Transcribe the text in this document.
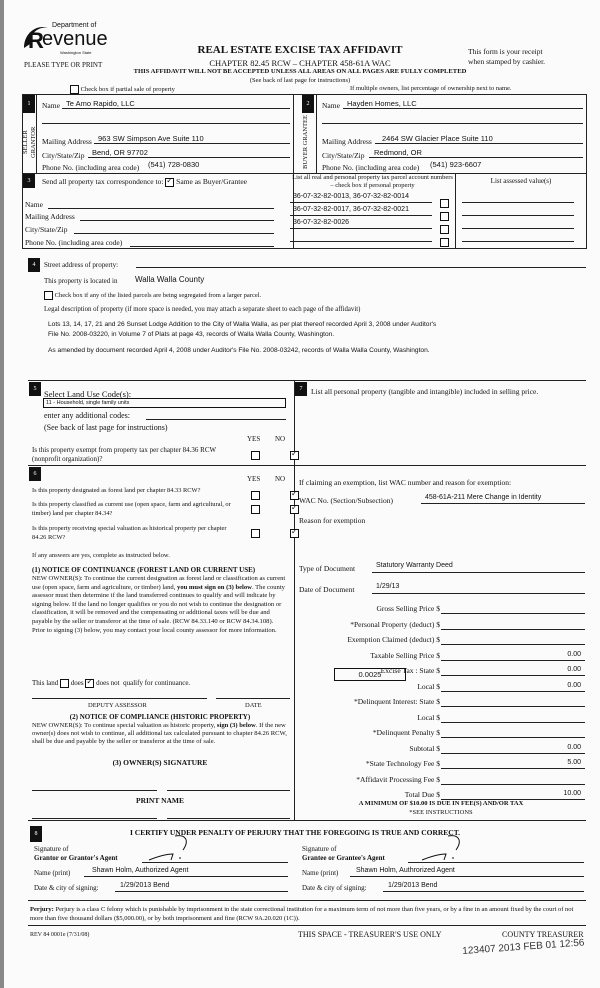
Department of
R
evenue
Washington State
PLEASE TYPE OR PRINT
REAL ESTATE EXCISE TAX AFFIDAVIT
CHAPTER 82.45 RCW – CHAPTER 458-61A WAC
This form is your receipt
when stamped by cashier.
THIS AFFIDAVIT WILL NOT BE ACCEPTED UNLESS ALL AREAS ON ALL PAGES ARE FULLY COMPLETED
(See back of last page for instructions)
Check box if partial sale of property	If multiple owners, list percentage of ownership next to name.
1
SELLER GRANTOR
Name Te Amo Rapido, LLC
Mailing Address 963 SW Simpson Ave Suite 110
City/State/Zip Bend, OR 97702
Phone No. (including area code) (541) 728-0830
2
BUYER GRANTEE
Name Hayden Homes, LLC
Mailing Address 2464 SW Glacier Place Suite 110
City/State/Zip Redmond, OR
Phone No. (including area code) (541) 923-6607
3	Send all property tax correspondence to: ✓ Same as Buyer/Grantee
Name
Mailing Address
City/State/Zip
Phone No. (including area code)
List all real and personal property tax parcel account numbers – check box if personal property
List assessed value(s)
36-07-32-82-0013, 36-07-32-82-0014
36-07-32-82-0017, 36-07-32-82-0021
36-07-32-82-0026
4	Street address of property:
This property is located in Walla Walla County
Check box if any of the listed parcels are being segregated from a larger parcel.
Legal description of property (if more space is needed, you may attach a separate sheet to each page of the affidavit)
Lots 13, 14, 17, 21 and 26 Sunset Lodge Addition to the City of Walla Walla, as per plat thereof recorded April 3, 2008 under Auditor's
File No. 2008-03220, in Volume 7 of Plats at page 43, records of Walla Walla County, Washington.
As amended by document recorded April 4, 2008 under Auditor's File No. 2008-03242, records of Walla Walla County, Washington.
5 Select Land Use Code(s):
11 - Household, single family units
enter any additional codes:
(See back of last page for instructions)
YES NO
Is this property exempt from property tax per chapter 84.36 RCW (nonprofit organization)?
✓
6
YES NO
Is this property designated as forest land per chapter 84.33 RCW?
✓
Is this property classified as current use (open space, farm and agricultural, or timber) land per chapter 84.34?
✓
Is this property receiving special valuation as historical property per chapter 84.26 RCW?
✓
If any answers are yes, complete as instructed below.
(1) NOTICE OF CONTINUANCE (FOREST LAND OR CURRENT USE)
NEW OWNER(S): To continue the current designation as forest land or classification as current use (open space, farm and agriculture, or timber) land, you must sign on (3) below. The county assessor must then determine if the land transferred continues to qualify and will indicate by signing below. If the land no longer qualifies or you do not wish to continue the designation or classification, it will be removed and the compensating or additional taxes will be due and payable by the seller or transferor at the time of sale. (RCW 84.33.140 or RCW 84.34.108). Prior to signing (3) below, you may contact your local county assessor for more information.
This land does ✓ does not qualify for continuance.
DEPUTY ASSESSOR	DATE
(2) NOTICE OF COMPLIANCE (HISTORIC PROPERTY)
NEW OWNER(S): To continue special valuation as historic property, sign (3) below. If the new owner(s) does not wish to continue, all additional tax calculated pursuant to chapter 84.26 RCW, shall be due and payable by the seller or transferor at the time of sale.
(3) OWNER(S) SIGNATURE
PRINT NAME
7	List all personal property (tangible and intangible) included in selling price.
If claiming an exemption, list WAC number and reason for exemption:
WAC No. (Section/Subsection)	458-61A-211 Mere Change in Identity
Reason for exemption
Type of Document	Statutory Warranty Deed
Date of Document	1/29/13
0.0025
Gross Selling Price $
*Personal Property (deduct) $
Exemption Claimed (deduct) $
Taxable Selling Price $	0.00
Excise Tax : State $	0.00
Local $	0.00
*Delinquent Interest: State $
Local $
*Delinquent Penalty $
Subtotal $	0.00
*State Technology Fee $	5.00
*Affidavit Processing Fee $
Total Due $	10.00
A MINIMUM OF $10.00 IS DUE IN FEE(S) AND/OR TAX
*SEE INSTRUCTIONS
8	I CERTIFY UNDER PENALTY OF PERJURY THAT THE FOREGOING IS TRUE AND CORRECT.
Signature of
Grantor or Grantor's Agent
Name (print)	Shawn Holm, Authorized Agent
Date & city of signing:	1/29/2013 Bend
Signature of
Grantee or Grantee's Agent
Name (print)	Shawn Holm, Authrorized Agent
Date & city of signing:	1/29/2013 Bend
Perjury: Perjury is a class C felony which is punishable by imprisonment in the state correctional institution for a maximum term of not more than five years, or by a fine in an amount fixed by the court of not more than five thousand dollars ($5,000.00), or by both imprisonment and fine (RCW 9A.20.020 (1C)).
REV 84 0001e (7/31/08)	THIS SPACE - TREASURER'S USE ONLY	COUNTY TREASURER
123407 2013 FEB 01 12:56
